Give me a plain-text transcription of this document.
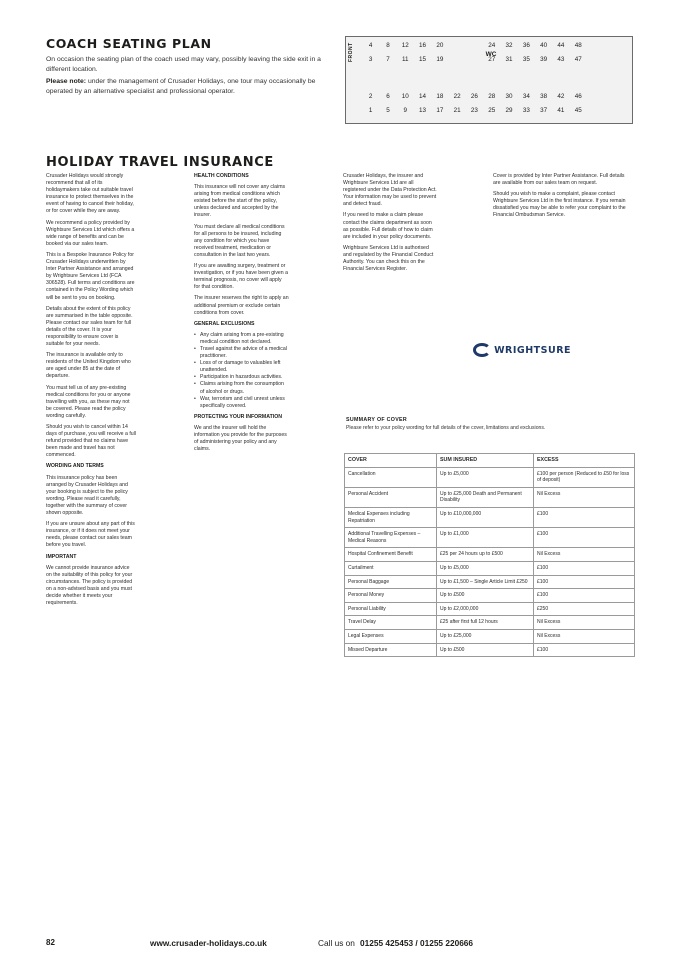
COACH SEATING PLAN

On occasion the seating plan of the coach used may vary, possibly leaving the side exit in a different location.

Please note: under the management of Crusader Holidays, one tour may occasionally be operated by an alternative specialist and professional operator.

FRONT	WC
4	8	12	16	20	24	32	36	40	44	48
3	7	11	15	19	27	31	35	39	43	47
2	6	10	14	18	22	26	28	30	34	38	42	46
1	5	9	13	17	21	23	25	29	33	37	41	45
HOLIDAY TRAVEL INSURANCE

Crusader Holidays would strongly recommend that all of its holidaymakers take out suitable travel insurance to protect themselves in the event of having to cancel their holiday, or for cover while they are away.

We recommend a policy provided by Wrightsure Services Ltd which offers a wide range of benefits and can be booked via our sales team.

This is a Bespoke Insurance Policy for Crusader Holidays underwritten by Inter Partner Assistance and arranged by Wrightsure Services Ltd (FCA 306528). Full terms and conditions are contained in the Policy Wording which will be sent to you on booking.

Details about the extent of this policy are summarised in the table opposite. Please contact our sales team for full details of the cover. It is your responsibility to ensure cover is suitable for your needs.

The insurance is available only to residents of the United Kingdom who are aged under 85 at the date of departure.

You must tell us of any pre-existing medical conditions for you or anyone travelling with you, as these may not be covered. Please read the policy wording carefully.

Should you wish to cancel within 14 days of purchase, you will receive a full refund provided that no claims have been made and travel has not commenced.

WORDING AND TERMS

This insurance policy has been arranged by Crusader Holidays and your booking is subject to the policy wording. Please read it carefully, together with the summary of cover shown opposite.

If you are unsure about any part of this insurance, or if it does not meet your needs, please contact our sales team before you travel.

IMPORTANT

We cannot provide insurance advice on the suitability of this policy for your circumstances. The policy is provided on a non-advised basis and you must decide whether it meets your requirements.

HEALTH CONDITIONS

This insurance will not cover any claims arising from medical conditions which existed before the start of the policy, unless declared and accepted by the insurer.

You must declare all medical conditions for all persons to be insured, including any condition for which you have received treatment, medication or consultation in the last two years.

If you are awaiting surgery, treatment or investigation, or if you have been given a terminal prognosis, no cover will apply for that condition.

The insurer reserves the right to apply an additional premium or exclude certain conditions from cover.

GENERAL EXCLUSIONS

• Any claim arising from a pre-existing medical condition not declared.
• Travel against the advice of a medical practitioner.
• Loss of or damage to valuables left unattended.
• Participation in hazardous activities.
• Claims arising from the consumption of alcohol or drugs.
• War, terrorism and civil unrest unless specifically covered.

PROTECTING YOUR INFORMATION

We and the insurer will hold the information you provide for the purposes of administering your policy and any claims.

Crusader Holidays, the insurer and Wrightsure Services Ltd are all registered under the Data Protection Act. Your information may be used to prevent and detect fraud.

If you need to make a claim please contact the claims department as soon as possible. Full details of how to claim are included in your policy documents.

Wrightsure Services Ltd is authorised and regulated by the Financial Conduct Authority. You can check this on the Financial Services Register.

Cover is provided by Inter Partner Assistance. Full details are available from our sales team on request.

Should you wish to make a complaint, please contact Wrightsure Services Ltd in the first instance. If you remain dissatisfied you may be able to refer your complaint to the Financial Ombudsman Service.

WRIGHTSURE
SUMMARY OF COVER
Please refer to your policy wording for full details of the cover, limitations and exclusions.
COVER	SUM INSURED	EXCESS
Cancellation	Up to £5,000	£100 per person (Reduced to £50 for loss of deposit)
Personal Accident	Up to £25,000 Death and Permanent Disability	Nil Excess
Medical Expenses including Repatriation	Up to £10,000,000	£100
Additional Travelling Expenses – Medical Reasons	Up to £1,000	£100
Hospital Confinement Benefit	£25 per 24 hours up to £500	Nil Excess
Curtailment	Up to £5,000	£100
Personal Baggage	Up to £1,500 – Single Article Limit £250	£100
Personal Money	Up to £500	£100
Personal Liability	Up to £2,000,000	£250
Travel Delay	£25 after first full 12 hours	Nil Excess
Legal Expenses	Up to £25,000	Nil Excess
Missed Departure	Up to £500	£100
82	www.crusader-holidays.co.uk	Call us on 01255 425453 / 01255 220666
